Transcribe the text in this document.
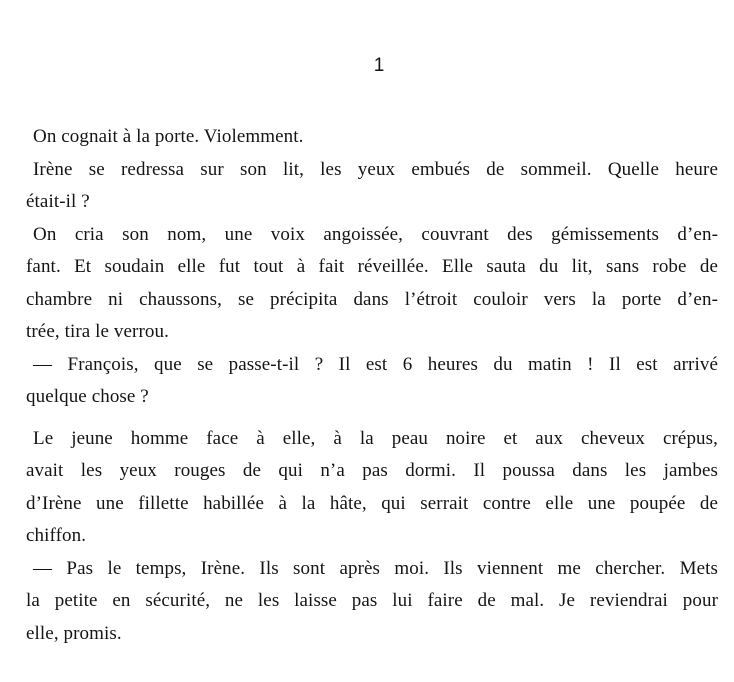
1
On cognait à la porte. Violemment.
Irène se redressa sur son lit, les yeux embués de sommeil. Quelle heure
était-il ?
On cria son nom, une voix angoissée, couvrant des gémissements d’en-
fant. Et soudain elle fut tout à fait réveillée. Elle sauta du lit, sans robe de
chambre ni chaussons, se précipita dans l’étroit couloir vers la porte d’en-
trée, tira le verrou.
— François, que se passe-t-il ? Il est 6 heures du matin ! Il est arrivé
quelque chose ?
Le jeune homme face à elle, à la peau noire et aux cheveux crépus,
avait les yeux rouges de qui n’a pas dormi. Il poussa dans les jambes
d’Irène une fillette habillée à la hâte, qui serrait contre elle une poupée de
chiffon.
— Pas le temps, Irène. Ils sont après moi. Ils viennent me chercher. Mets
la petite en sécurité, ne les laisse pas lui faire de mal. Je reviendrai pour
elle, promis.
